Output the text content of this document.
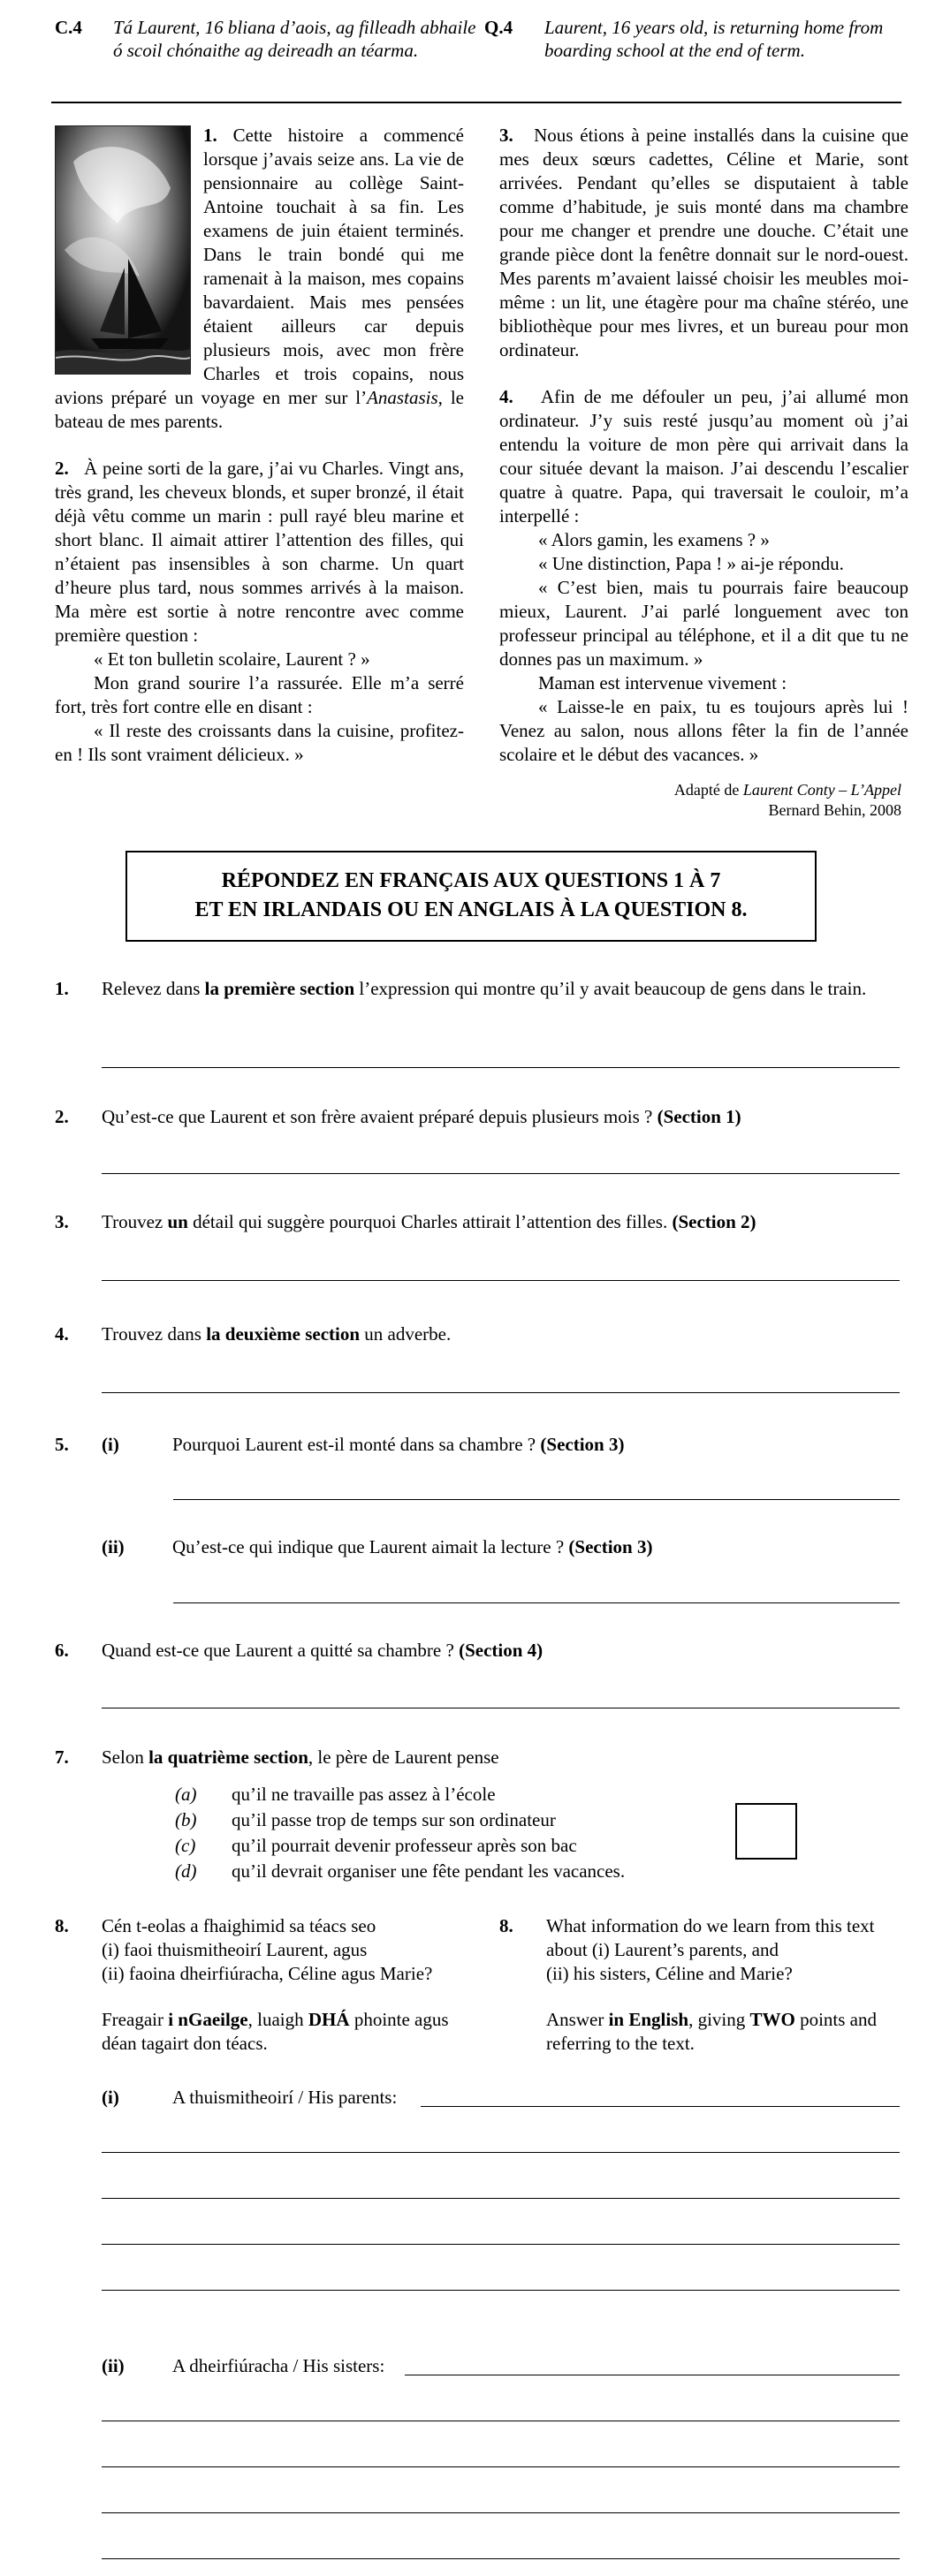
C.4 Tá Laurent, 16 bliana d’aois, ag filleadh abhaile ó scoil chónaithe ag deireadh an téarma.
Q.4 Laurent, 16 years old, is returning home from boarding school at the end of term.

1. Cette histoire a commencé lorsque j’avais seize ans. La vie de pensionnaire au collège Saint-Antoine touchait à sa fin. Les examens de juin étaient terminés. Dans le train bondé qui me ramenait à la maison, mes copains bavardaient. Mais mes pensées étaient ailleurs car depuis plusieurs mois, avec mon frère Charles et trois copains, nous avions préparé un voyage en mer sur l’Anastasis, le bateau de mes parents.

2. À peine sorti de la gare, j’ai vu Charles. Vingt ans, très grand, les cheveux blonds, et super bronzé, il était déjà vêtu comme un marin : pull rayé bleu marine et short blanc. Il aimait attirer l’attention des filles, qui n’étaient pas insensibles à son charme. Un quart d’heure plus tard, nous sommes arrivés à la maison. Ma mère est sortie à notre rencontre avec comme première question :
« Et ton bulletin scolaire, Laurent ? »
Mon grand sourire l’a rassurée. Elle m’a serré fort, très fort contre elle en disant :
« Il reste des croissants dans la cuisine, profitez-en ! Ils sont vraiment délicieux. »

3. Nous étions à peine installés dans la cuisine que mes deux sœurs cadettes, Céline et Marie, sont arrivées. Pendant qu’elles se disputaient à table comme d’habitude, je suis monté dans ma chambre pour me changer et prendre une douche. C’était une grande pièce dont la fenêtre donnait sur le nord-ouest. Mes parents m’avaient laissé choisir les meubles moi-même : un lit, une étagère pour ma chaîne stéréo, une bibliothèque pour mes livres, et un bureau pour mon ordinateur.

4. Afin de me défouler un peu, j’ai allumé mon ordinateur. J’y suis resté jusqu’au moment où j’ai entendu la voiture de mon père qui arrivait dans la cour située devant la maison. J’ai descendu l’escalier quatre à quatre. Papa, qui traversait le couloir, m’a interpellé :
« Alors gamin, les examens ? »
« Une distinction, Papa ! » ai-je répondu.
« C’est bien, mais tu pourrais faire beaucoup mieux, Laurent. J’ai parlé longuement avec ton professeur principal au téléphone, et il a dit que tu ne donnes pas un maximum. »
Maman est intervenue vivement :
« Laisse-le en paix, tu es toujours après lui ! Venez au salon, nous allons fêter la fin de l’année scolaire et le début des vacances. »

Adapté de Laurent Conty – L’Appel
Bernard Behin, 2008
RÉPONDEZ EN FRANÇAIS AUX QUESTIONS 1 À 7
ET EN IRLANDAIS OU EN ANGLAIS À LA QUESTION 8.
1. Relevez dans la première section l’expression qui montre qu’il y avait beaucoup de gens dans le train.
2. Qu’est-ce que Laurent et son frère avaient préparé depuis plusieurs mois ? (Section 1)
3. Trouvez un détail qui suggère pourquoi Charles attirait l’attention des filles. (Section 2)
4. Trouvez dans la deuxième section un adverbe.
5. (i)	Pourquoi Laurent est-il monté dans sa chambre ? (Section 3)
(ii)	Qu’est-ce qui indique que Laurent aimait la lecture ? (Section 3)
6. Quand est-ce que Laurent a quitté sa chambre ? (Section 4)
7. Selon la quatrième section, le père de Laurent pense
(a) qu’il ne travaille pas assez à l’école
(b) qu’il passe trop de temps sur son ordinateur
(c) qu’il pourrait devenir professeur après son bac
(d) qu’il devrait organiser une fête pendant les vacances.
8. Cén t-eolas a fhaighimid sa téacs seo
(i) faoi thuismitheoirí Laurent, agus
(ii) faoina dheirfiúracha, Céline agus Marie?

Freagair i nGaeilge, luaigh DHÁ phointe agus déan tagairt don téacs.

8. What information do we learn from this text about (i) Laurent’s parents, and
(ii) his sisters, Céline and Marie?

Answer in English, giving TWO points and referring to the text.

(i)	A thuismitheoirí / His parents:
(ii)	A dheirfiúracha / His sisters:
